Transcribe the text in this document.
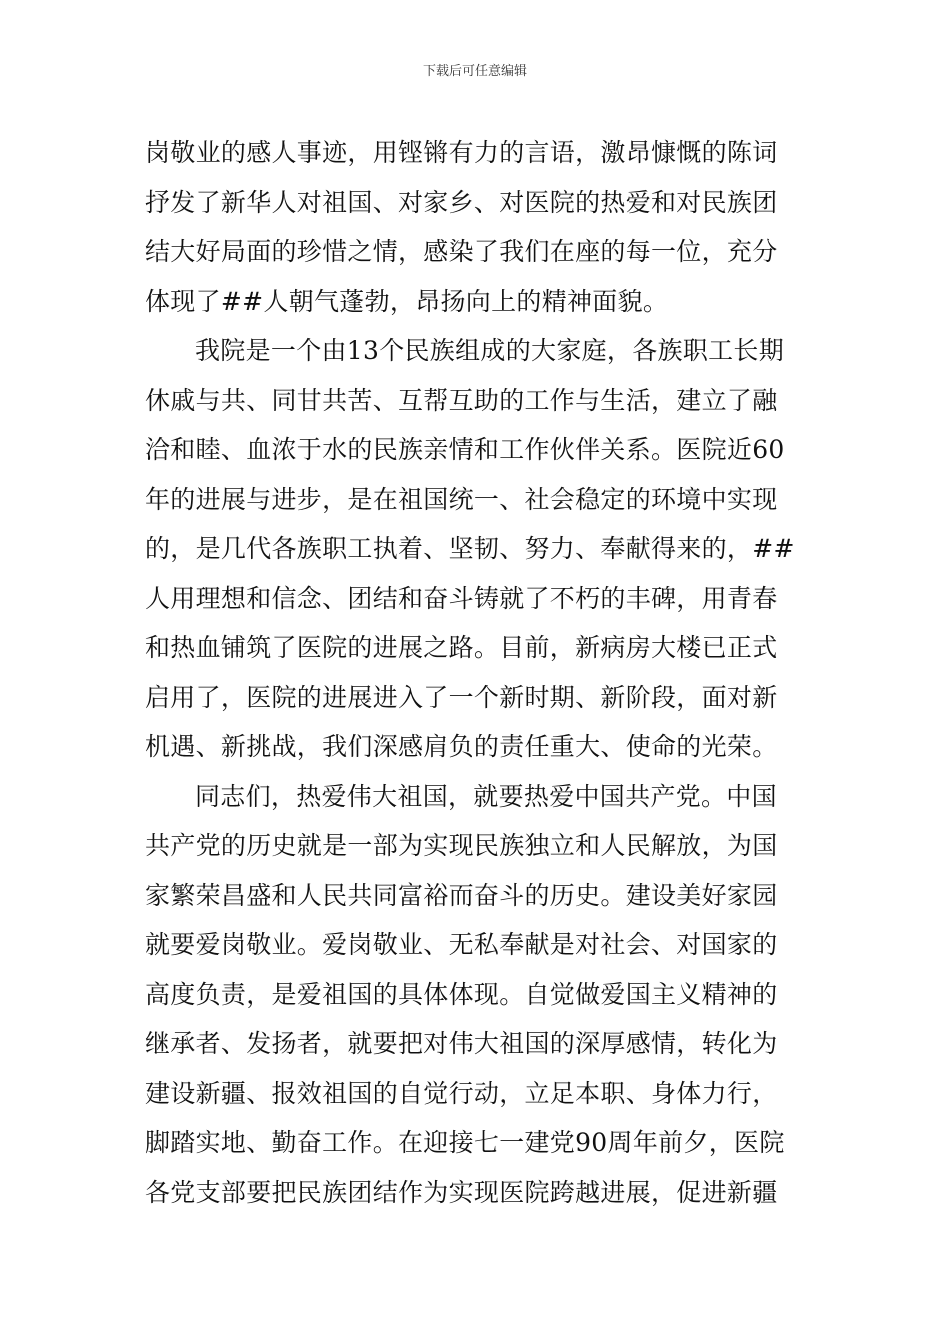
下载后可任意编辑
岗敬业的感人事迹，用铿锵有力的言语，激昂慷慨的陈词
抒发了新华人对祖国、对家乡、对医院的热爱和对民族团
结大好局面的珍惜之情，感染了我们在座的每一位，充分
体现了##人朝气蓬勃，昂扬向上的精神面貌。
我院是一个由13个民族组成的大家庭，各族职工长期
休戚与共、同甘共苦、互帮互助的工作与生活，建立了融
洽和睦、血浓于水的民族亲情和工作伙伴关系。医院近60
年的进展与进步，是在祖国统一、社会稳定的环境中实现
的，是几代各族职工执着、坚韧、努力、奉献得来的，##
人用理想和信念、团结和奋斗铸就了不朽的丰碑，用青春
和热血铺筑了医院的进展之路。目前，新病房大楼已正式
启用了，医院的进展进入了一个新时期、新阶段，面对新
机遇、新挑战，我们深感肩负的责任重大、使命的光荣。
同志们，热爱伟大祖国，就要热爱中国共产党。中国
共产党的历史就是一部为实现民族独立和人民解放，为国
家繁荣昌盛和人民共同富裕而奋斗的历史。建设美好家园
就要爱岗敬业。爱岗敬业、无私奉献是对社会、对国家的
高度负责，是爱祖国的具体体现。自觉做爱国主义精神的
继承者、发扬者，就要把对伟大祖国的深厚感情，转化为
建设新疆、报效祖国的自觉行动，立足本职、身体力行，
脚踏实地、勤奋工作。在迎接七一建党90周年前夕，医院
各党支部要把民族团结作为实现医院跨越进展，促进新疆
